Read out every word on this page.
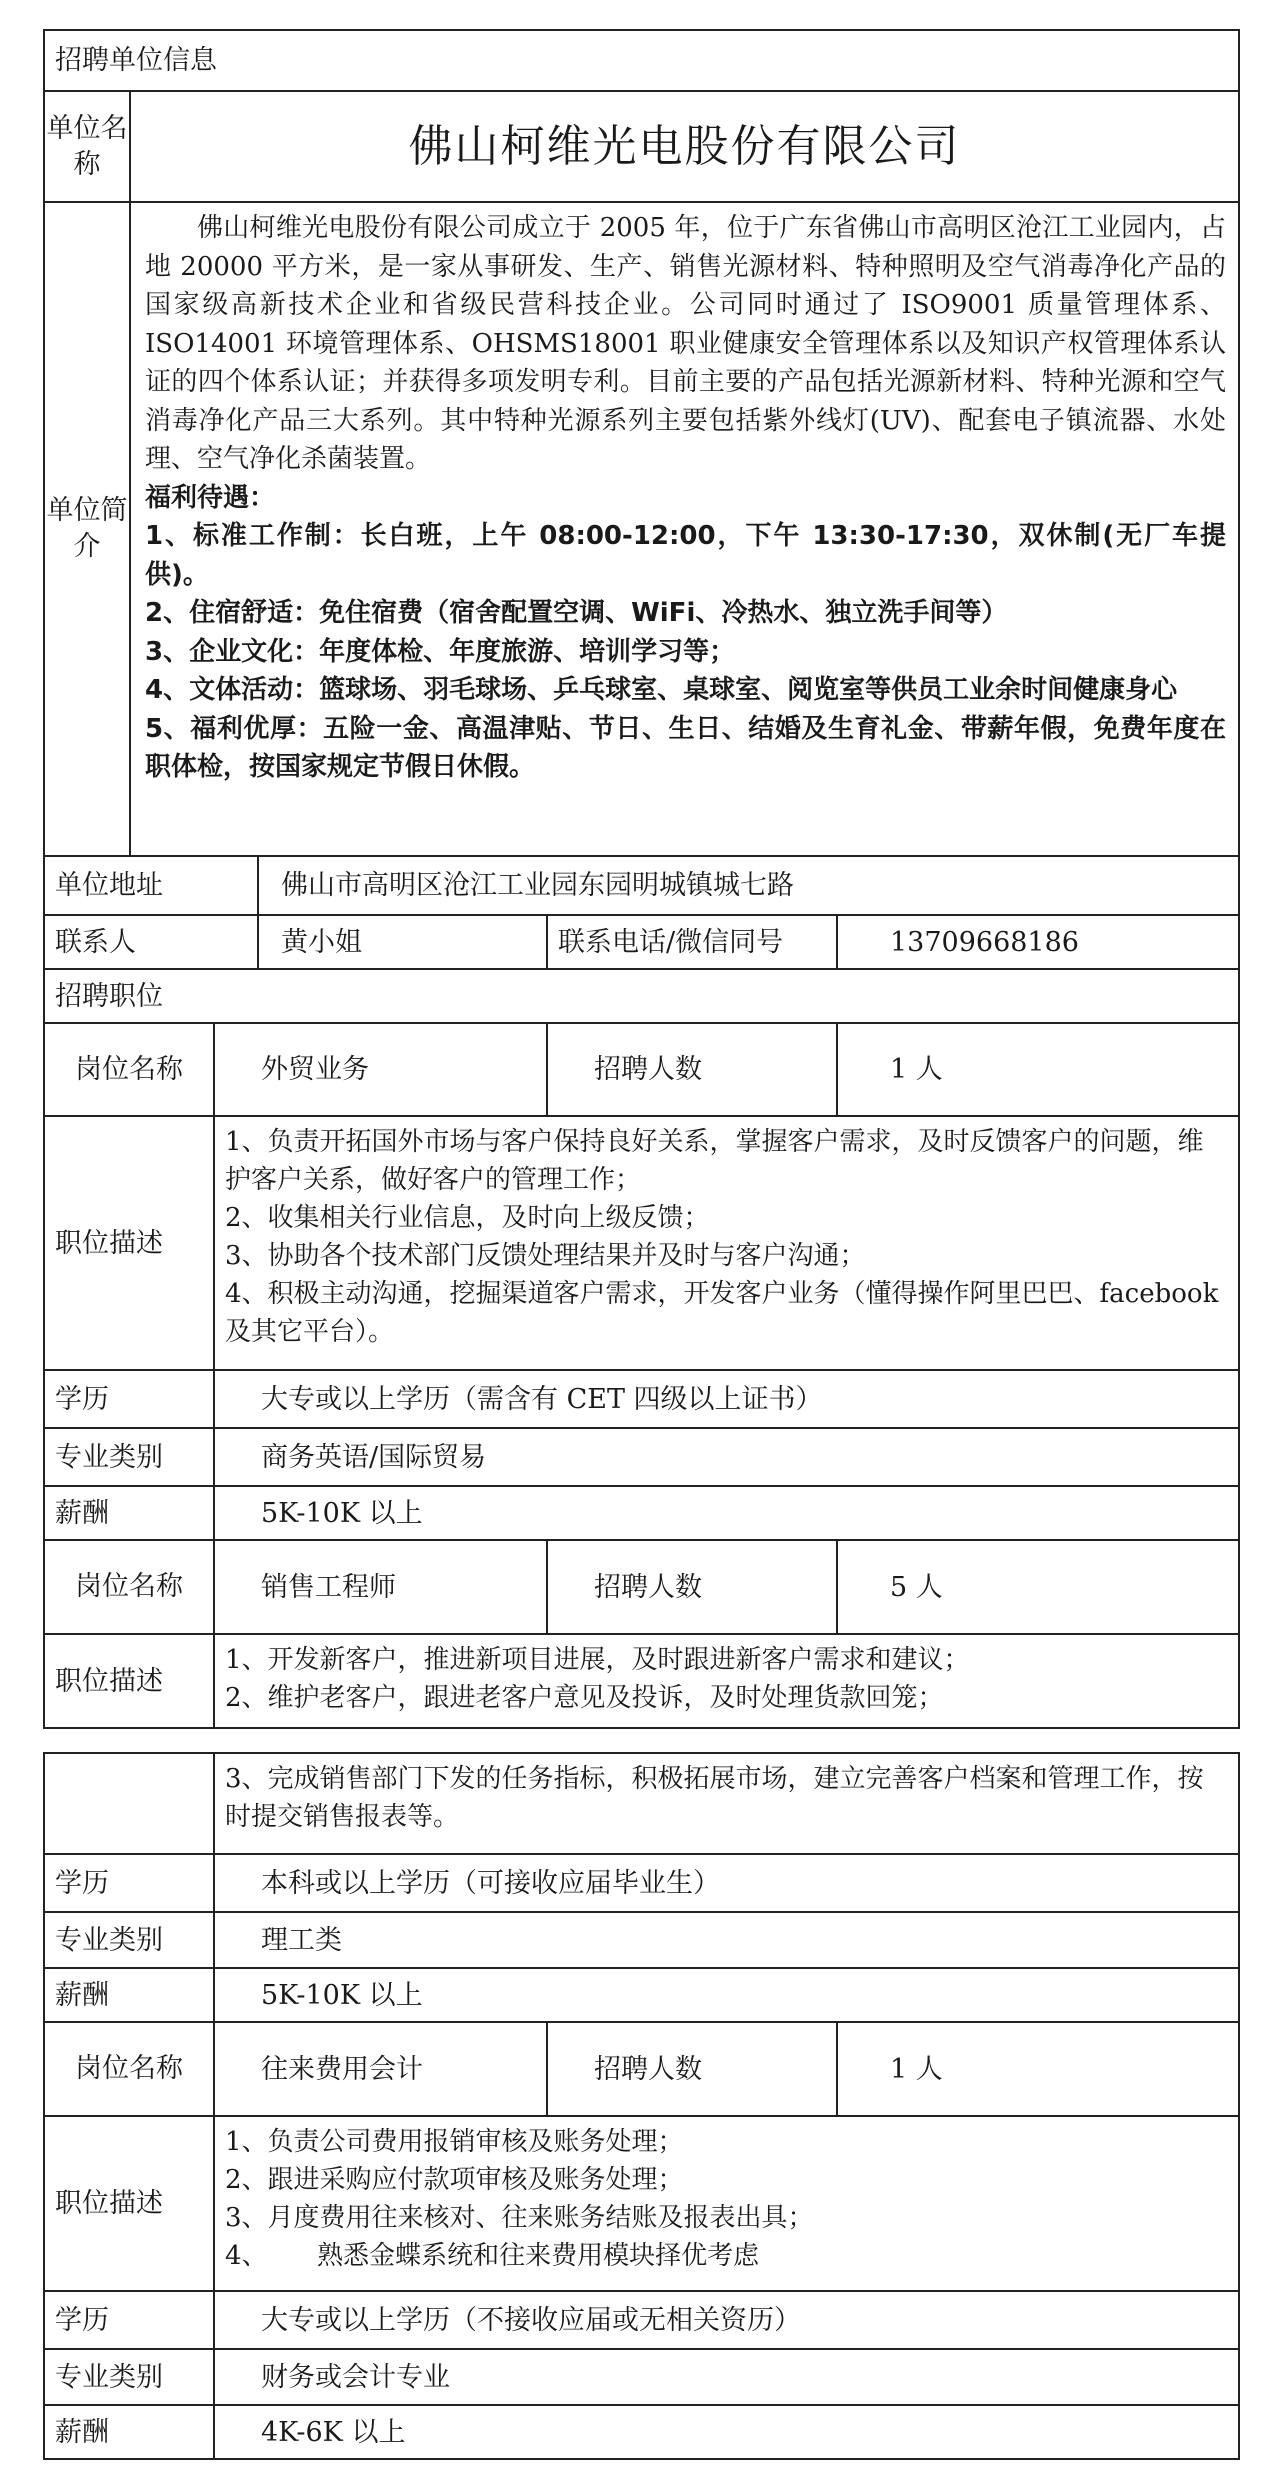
招聘单位信息
单位名称	佛山柯维光电股份有限公司
单位简介
佛山柯维光电股份有限公司成立于 2005 年，位于广东省佛山市高明区沧江工业园内，占地 20000 平方米，是一家从事研发、生产、销售光源材料、特种照明及空气消毒净化产品的国家级高新技术企业和省级民营科技企业。公司同时通过了 ISO9001 质量管理体系、ISO14001 环境管理体系、OHSMS18001 职业健康安全管理体系以及知识产权管理体系认证的四个体系认证；并获得多项发明专利。目前主要的产品包括光源新材料、特种光源和空气消毒净化产品三大系列。其中特种光源系列主要包括紫外线灯(UV)、配套电子镇流器、水处理、空气净化杀菌装置。
福利待遇：
1、标准工作制：长白班，上午 08:00-12:00，下午 13:30-17:30，双休制(无厂车提供)。
2、住宿舒适：免住宿费（宿舍配置空调、WiFi、冷热水、独立洗手间等）
3、企业文化：年度体检、年度旅游、培训学习等；
4、文体活动：篮球场、羽毛球场、乒乓球室、桌球室、阅览室等供员工业余时间健康身心
5、福利优厚：五险一金、高温津贴、节日、生日、结婚及生育礼金、带薪年假，免费年度在职体检，按国家规定节假日休假。
单位地址	佛山市高明区沧江工业园东园明城镇城七路
联系人	黄小姐	联系电话/微信同号	13709668186
招聘职位
岗位名称	外贸业务	招聘人数	1 人
职位描述
1、负责开拓国外市场与客户保持良好关系，掌握客户需求，及时反馈客户的问题，维护客户关系，做好客户的管理工作；
2、收集相关行业信息，及时向上级反馈；
3、协助各个技术部门反馈处理结果并及时与客户沟通；
4、积极主动沟通，挖掘渠道客户需求，开发客户业务（懂得操作阿里巴巴、facebook 及其它平台）。
学历	大专或以上学历（需含有 CET 四级以上证书）
专业类别	商务英语/国际贸易
薪酬	5K-10K 以上
岗位名称	销售工程师	招聘人数	5 人
职位描述
1、开发新客户，推进新项目进展，及时跟进新客户需求和建议；
2、维护老客户，跟进老客户意见及投诉，及时处理货款回笼；
3、完成销售部门下发的任务指标，积极拓展市场，建立完善客户档案和管理工作，按时提交销售报表等。
学历	本科或以上学历（可接收应届毕业生）
专业类别	理工类
薪酬	5K-10K 以上
岗位名称	往来费用会计	招聘人数	1 人
职位描述
1、负责公司费用报销审核及账务处理；
2、跟进采购应付款项审核及账务处理；
3、月度费用往来核对、往来账务结账及报表出具；
4、      熟悉金蝶系统和往来费用模块择优考虑
学历	大专或以上学历（不接收应届或无相关资历）
专业类别	财务或会计专业
薪酬	4K-6K 以上
